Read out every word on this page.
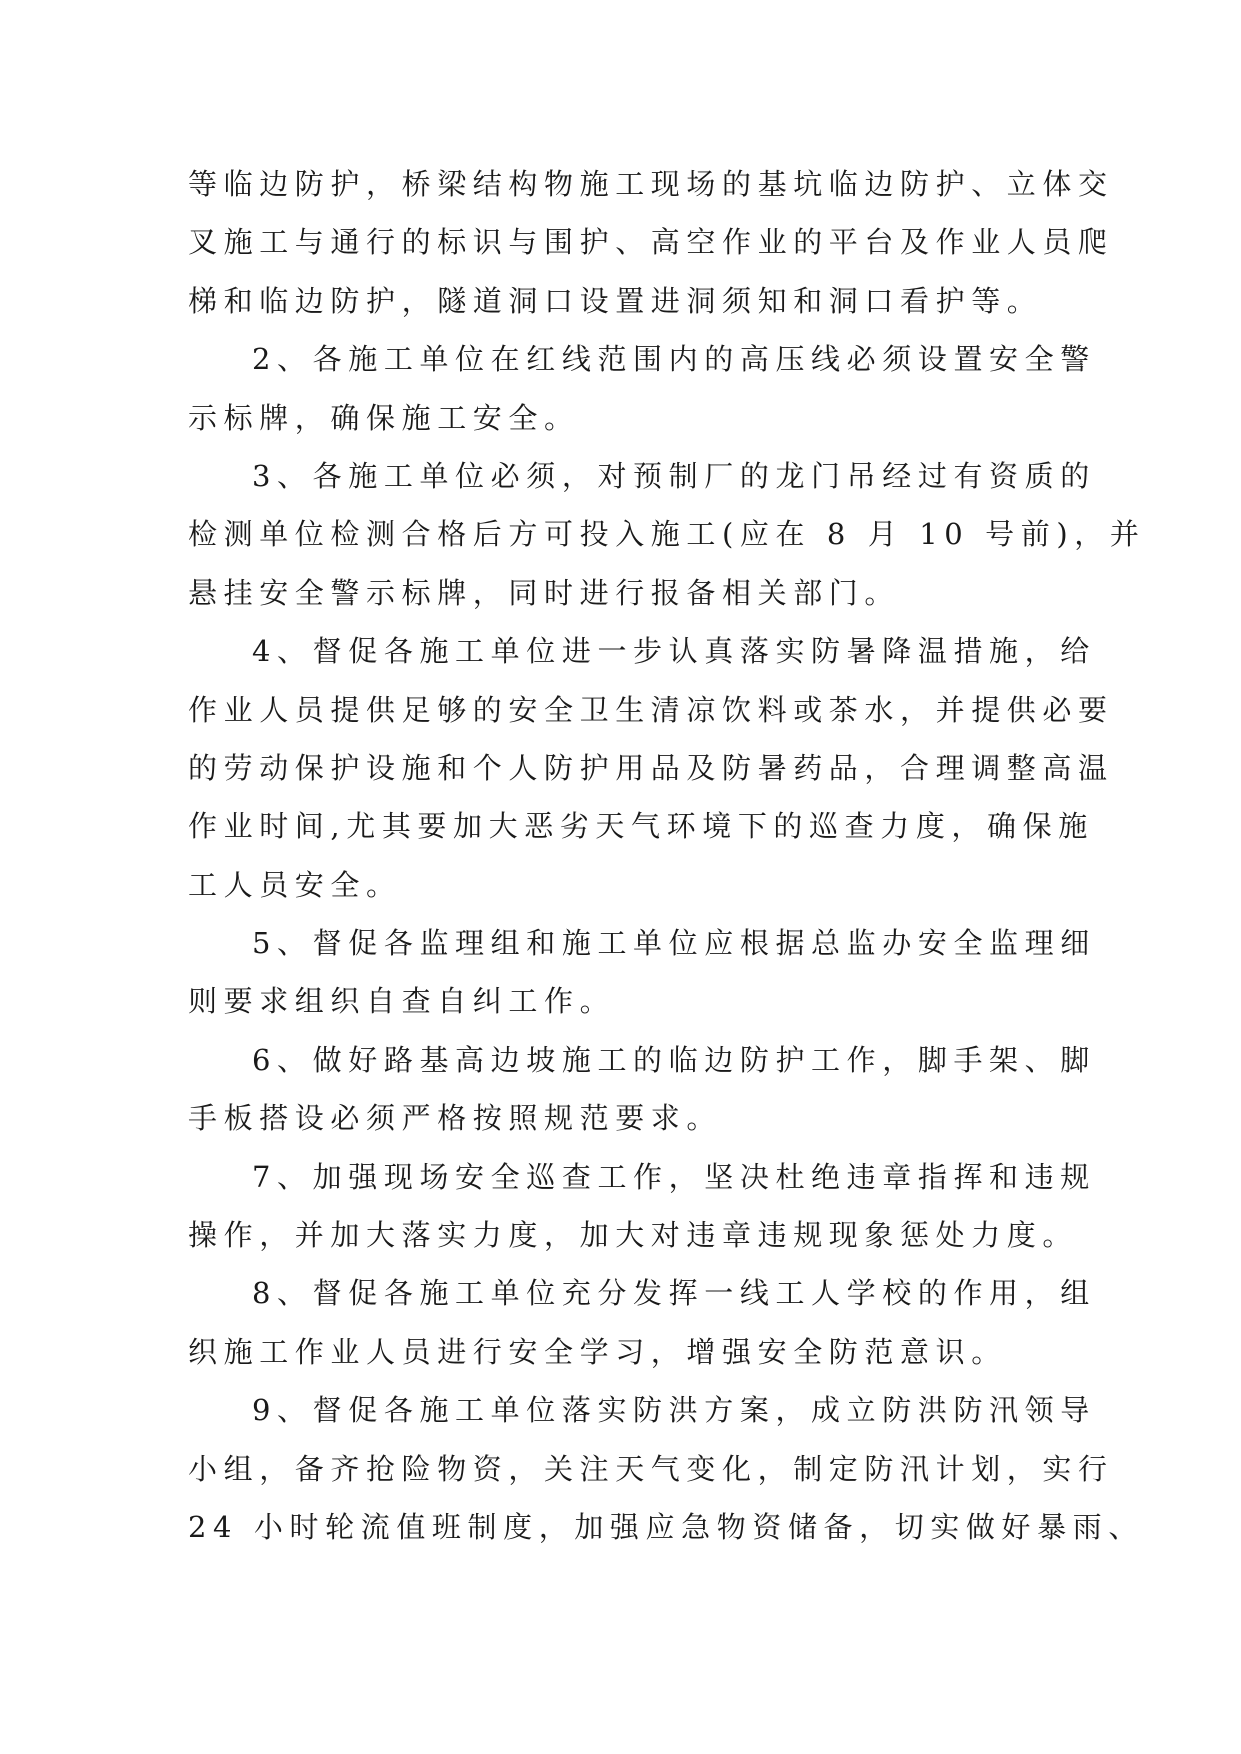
等临边防护，桥梁结构物施工现场的基坑临边防护、立体交
叉施工与通行的标识与围护、高空作业的平台及作业人员爬
梯和临边防护，隧道洞口设置进洞须知和洞口看护等。
2、各施工单位在红线范围内的高压线必须设置安全警
示标牌，确保施工安全。
3、各施工单位必须，对预制厂的龙门吊经过有资质的
检测单位检测合格后方可投入施工(应在 8 月 10 号前)，并
悬挂安全警示标牌，同时进行报备相关部门。
4、督促各施工单位进一步认真落实防暑降温措施，给
作业人员提供足够的安全卫生清凉饮料或茶水，并提供必要
的劳动保护设施和个人防护用品及防暑药品，合理调整高温
作业时间,尤其要加大恶劣天气环境下的巡查力度，确保施
工人员安全。
5、督促各监理组和施工单位应根据总监办安全监理细
则要求组织自查自纠工作。
6、做好路基高边坡施工的临边防护工作，脚手架、脚
手板搭设必须严格按照规范要求。
7、加强现场安全巡查工作，坚决杜绝违章指挥和违规
操作，并加大落实力度，加大对违章违规现象惩处力度。
8、督促各施工单位充分发挥一线工人学校的作用，组
织施工作业人员进行安全学习，增强安全防范意识。
9、督促各施工单位落实防洪方案，成立防洪防汛领导
小组，备齐抢险物资，关注天气变化，制定防汛计划，实行
24 小时轮流值班制度，加强应急物资储备，切实做好暴雨、
